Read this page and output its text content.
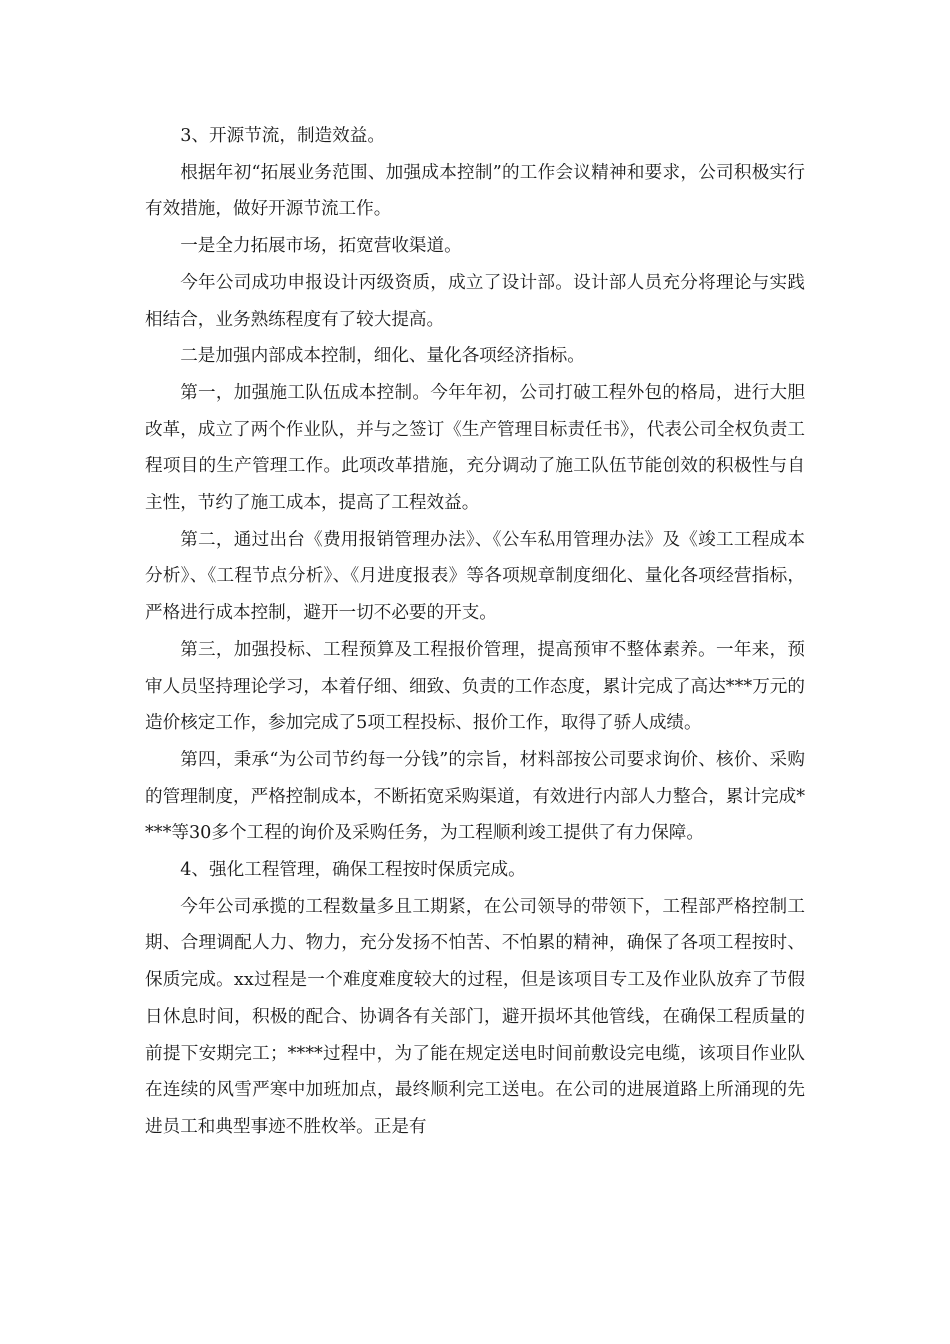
3、开源节流，制造效益。

根据年初“拓展业务范围、加强成本控制”的工作会议精神和要求，公司积极实行有效措施，做好开源节流工作。

一是全力拓展市场，拓宽营收渠道。

今年公司成功申报设计丙级资质，成立了设计部。设计部人员充分将理论与实践相结合，业务熟练程度有了较大提高。

二是加强内部成本控制，细化、量化各项经济指标。

第一，加强施工队伍成本控制。今年年初，公司打破工程外包的格局，进行大胆改革，成立了两个作业队，并与之签订《生产管理目标责任书》，代表公司全权负责工程项目的生产管理工作。此项改革措施，充分调动了施工队伍节能创效的积极性与自主性，节约了施工成本，提高了工程效益。

第二，通过出台《费用报销管理办法》、《公车私用管理办法》及《竣工工程成本分析》、《工程节点分析》、《月进度报表》等各项规章制度细化、量化各项经营指标，严格进行成本控制，避开一切不必要的开支。

第三，加强投标、工程预算及工程报价管理，提高预审不整体素养。一年来，预审人员坚持理论学习，本着仔细、细致、负责的工作态度，累计完成了高达***万元的造价核定工作，参加完成了5项工程投标、报价工作，取得了骄人成绩。

第四，秉承“为公司节约每一分钱”的宗旨，材料部按公司要求询价、核价、采购的管理制度，严格控制成本，不断拓宽采购渠道，有效进行内部人力整合，累计完成****等30多个工程的询价及采购任务，为工程顺利竣工提供了有力保障。

4、强化工程管理，确保工程按时保质完成。

今年公司承揽的工程数量多且工期紧，在公司领导的带领下，工程部严格控制工期、合理调配人力、物力，充分发扬不怕苦、不怕累的精神，确保了各项工程按时、保质完成。xx过程是一个难度难度较大的过程，但是该项目专工及作业队放弃了节假日休息时间，积极的配合、协调各有关部门，避开损坏其他管线，在确保工程质量的前提下安期完工；****过程中，为了能在规定送电时间前敷设完电缆，该项目作业队在连续的风雪严寒中加班加点，最终顺利完工送电。在公司的进展道路上所涌现的先进员工和典型事迹不胜枚举。正是有
